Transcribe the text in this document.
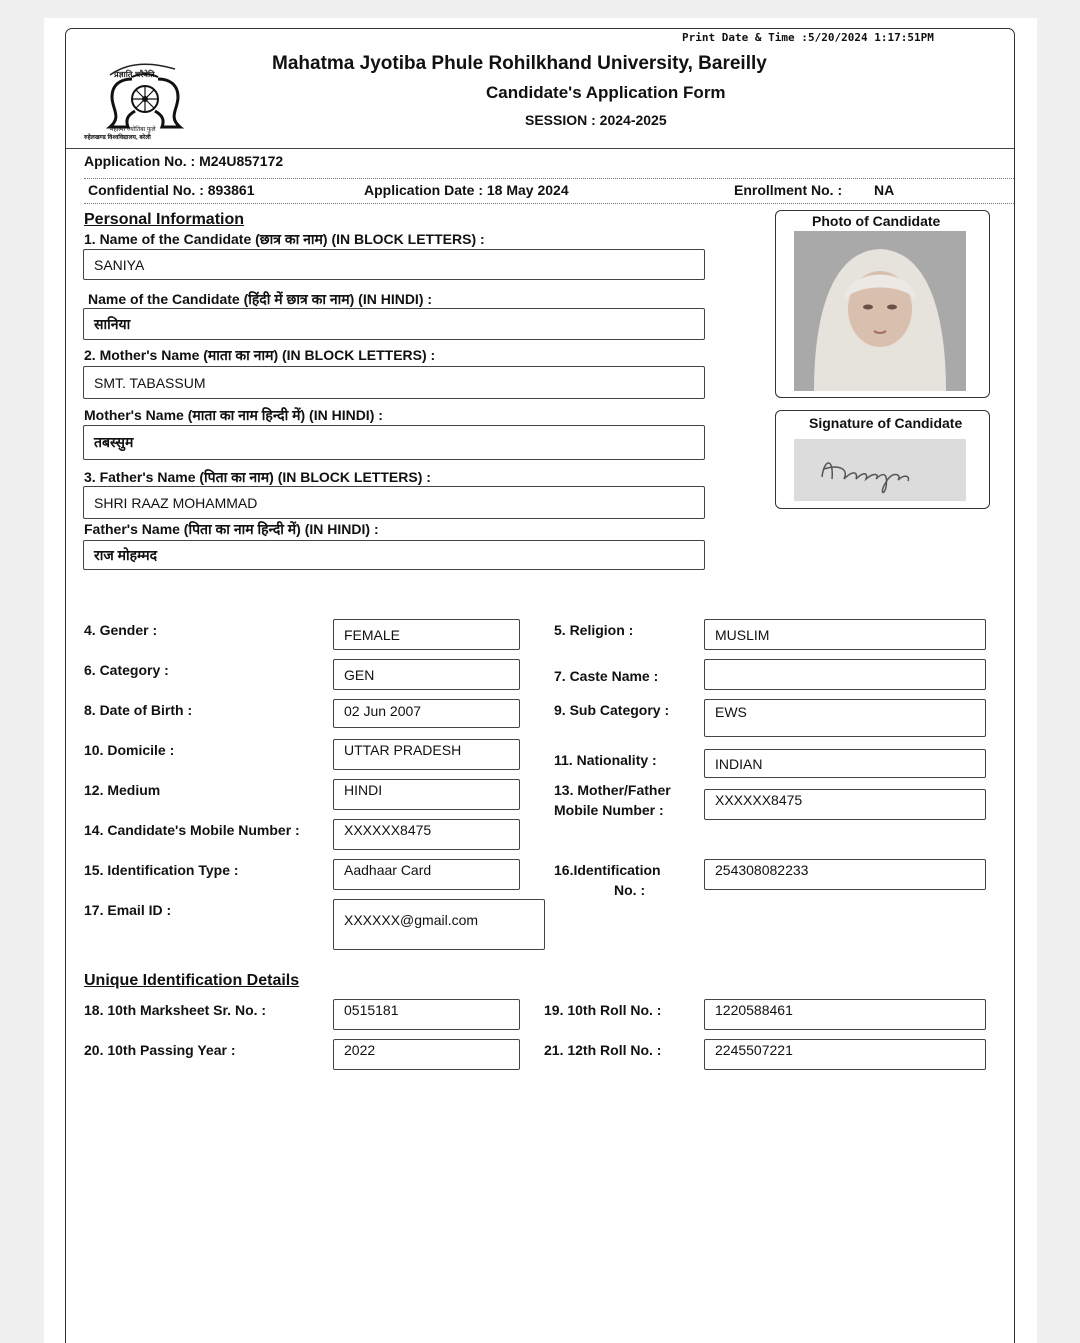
Print Date & Time : 5/20/2024 1:17:51PM
प्रज्ञाति चरैवेति
महात्मा ज्योतिबा फुले
रुहेलखण्ड विश्वविद्यालय, बरेली
Mahatma Jyotiba Phule Rohilkhand University, Bareilly
Candidate's Application Form
SESSION : 2024-2025
Application No. : M24U857172
Confidential No. : 893861	Application Date : 18 May 2024	Enrollment No. : NA
Personal Information
1. Name of the Candidate (छात्र का नाम) (IN BLOCK LETTERS) :
SANIYA
Name of the Candidate (हिंदी में छात्र का नाम) (IN HINDI) :
सानिया
2. Mother's Name (माता का नाम) (IN BLOCK LETTERS) :
SMT. TABASSUM
Mother's Name (माता का नाम हिन्दी में) (IN HINDI) :
तबस्सुम
3. Father's Name (पिता का नाम) (IN BLOCK LETTERS) :
SHRI RAAZ MOHAMMAD
Father's Name (पिता का नाम हिन्दी में) (IN HINDI) :
राज मोहम्मद
Photo of Candidate
Signature of Candidate
4. Gender :	FEMALE	5. Religion :	MUSLIM
6. Category :	GEN	7. Caste Name :
8. Date of Birth :	02 Jun 2007	9. Sub Category :	EWS
10. Domicile :	UTTAR PRADESH
11. Nationality :	INDIAN
12. Medium	HINDI	13. Mother/Father
Mobile Number :
XXXXXX8475
14. Candidate's Mobile Number :	XXXXXX8475
15. Identification Type :	Aadhaar Card	16.Identification
No. :
254308082233
17. Email ID :
XXXXXX@gmail.com
Unique Identification Details
18. 10th Marksheet Sr. No. :	0515181	19. 10th Roll No. :	1220588461
20. 10th Passing Year :	2022	21. 12th Roll No. :	2245507221
